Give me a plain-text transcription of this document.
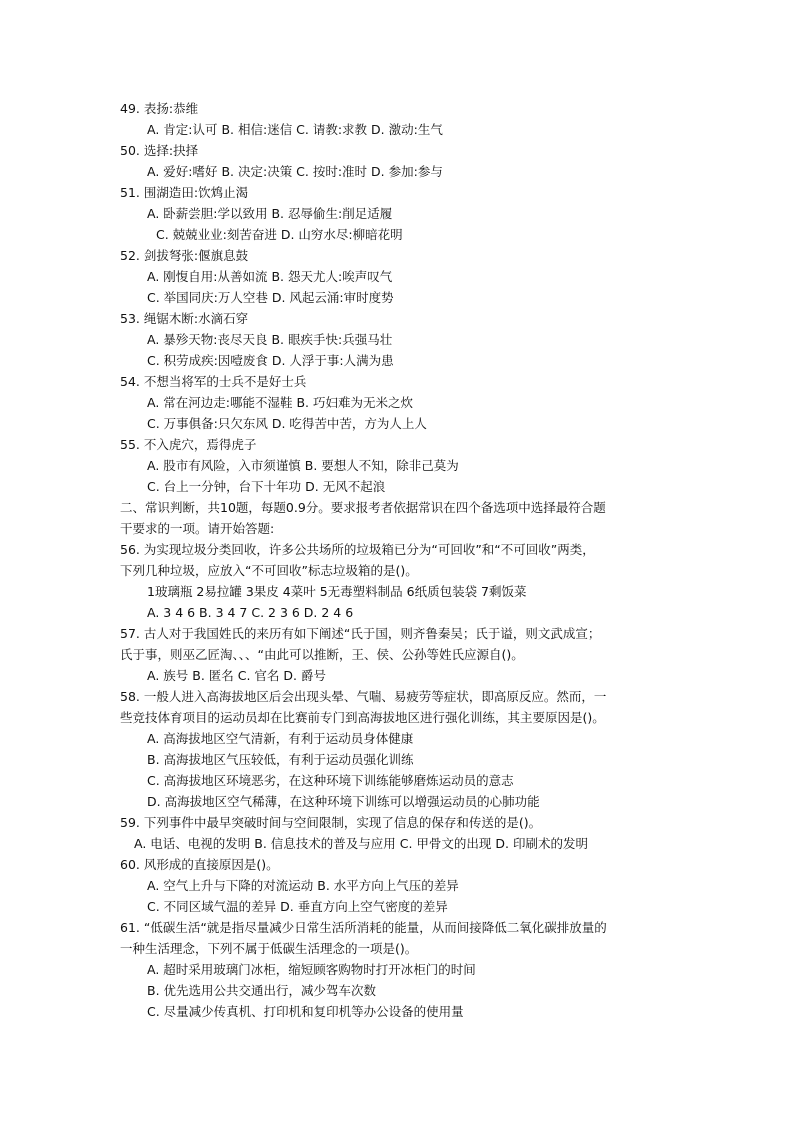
49. 表扬:恭维
A. 肯定:认可 B. 相信:迷信 C. 请教:求教 D. 激动:生气
50. 选择:抉择
A. 爱好:嗜好 B. 决定:决策 C. 按时:准时 D. 参加:参与
51. 围湖造田:饮鸩止渴
A. 卧薪尝胆:学以致用 B. 忍辱偷生:削足适履
C. 兢兢业业:刻苦奋进 D. 山穷水尽:柳暗花明
52. 剑拔弩张:偃旗息鼓
A. 刚愎自用:从善如流 B. 怨天尤人:唉声叹气
C. 举国同庆:万人空巷 D. 风起云涌:审时度势
53. 绳锯木断:水滴石穿
A. 暴殄天物:丧尽天良 B. 眼疾手快:兵强马壮
C. 积劳成疾:因噎废食 D. 人浮于事:人满为患
54. 不想当将军的士兵不是好士兵
A. 常在河边走:哪能不湿鞋 B. 巧妇难为无米之炊
C. 万事俱备:只欠东风 D. 吃得苦中苦，方为人上人
55. 不入虎穴，焉得虎子
A. 股市有风险，入市须谨慎 B. 要想人不知，除非己莫为
C. 台上一分钟，台下十年功 D. 无风不起浪
二、常识判断，共10题，每题0.9分。要求报考者依据常识在四个备选项中选择最符合题
干要求的一项。请开始答题:
56. 为实现垃圾分类回收，许多公共场所的垃圾箱已分为“可回收”和“不可回收”两类，
下列几种垃圾，应放入“不可回收”标志垃圾箱的是()。
1玻璃瓶 2易拉罐 3果皮 4菜叶 5无毒塑料制品 6纸质包装袋 7剩饭菜
A. 3 4 6 B. 3 4 7 C. 2 3 6 D. 2 4 6
57. 古人对于我国姓氏的来历有如下阐述“氏于国，则齐鲁秦吴；氏于谥，则文武成宣；
氏于事，则巫乙匠淘、、、“由此可以推断，王、侯、公孙等姓氏应源自()。
A. 族号 B. 匿名 C. 官名 D. 爵号
58. 一般人进入高海拔地区后会出现头晕、气喘、易疲劳等症状，即高原反应。然而，一
些竞技体育项目的运动员却在比赛前专门到高海拔地区进行强化训练，其主要原因是()。
A. 高海拔地区空气清新，有利于运动员身体健康
B. 高海拔地区气压较低，有利于运动员强化训练
C. 高海拔地区环境恶劣，在这种环境下训练能够磨炼运动员的意志
D. 高海拔地区空气稀薄，在这种环境下训练可以增强运动员的心肺功能
59. 下列事件中最早突破时间与空间限制，实现了信息的保存和传送的是()。
A. 电话、电视的发明 B. 信息技术的普及与应用 C. 甲骨文的出现 D. 印刷术的发明
60. 风形成的直接原因是()。
A. 空气上升与下降的对流运动 B. 水平方向上气压的差异
C. 不同区域气温的差异 D. 垂直方向上空气密度的差异
61. “低碳生活“就是指尽量减少日常生活所消耗的能量，从而间接降低二氧化碳排放量的
一种生活理念，下列不属于低碳生活理念的一项是()。
A. 超时采用玻璃门冰柜，缩短顾客购物时打开冰柜门的时间
B. 优先选用公共交通出行，减少驾车次数
C. 尽量减少传真机、打印机和复印机等办公设备的使用量
